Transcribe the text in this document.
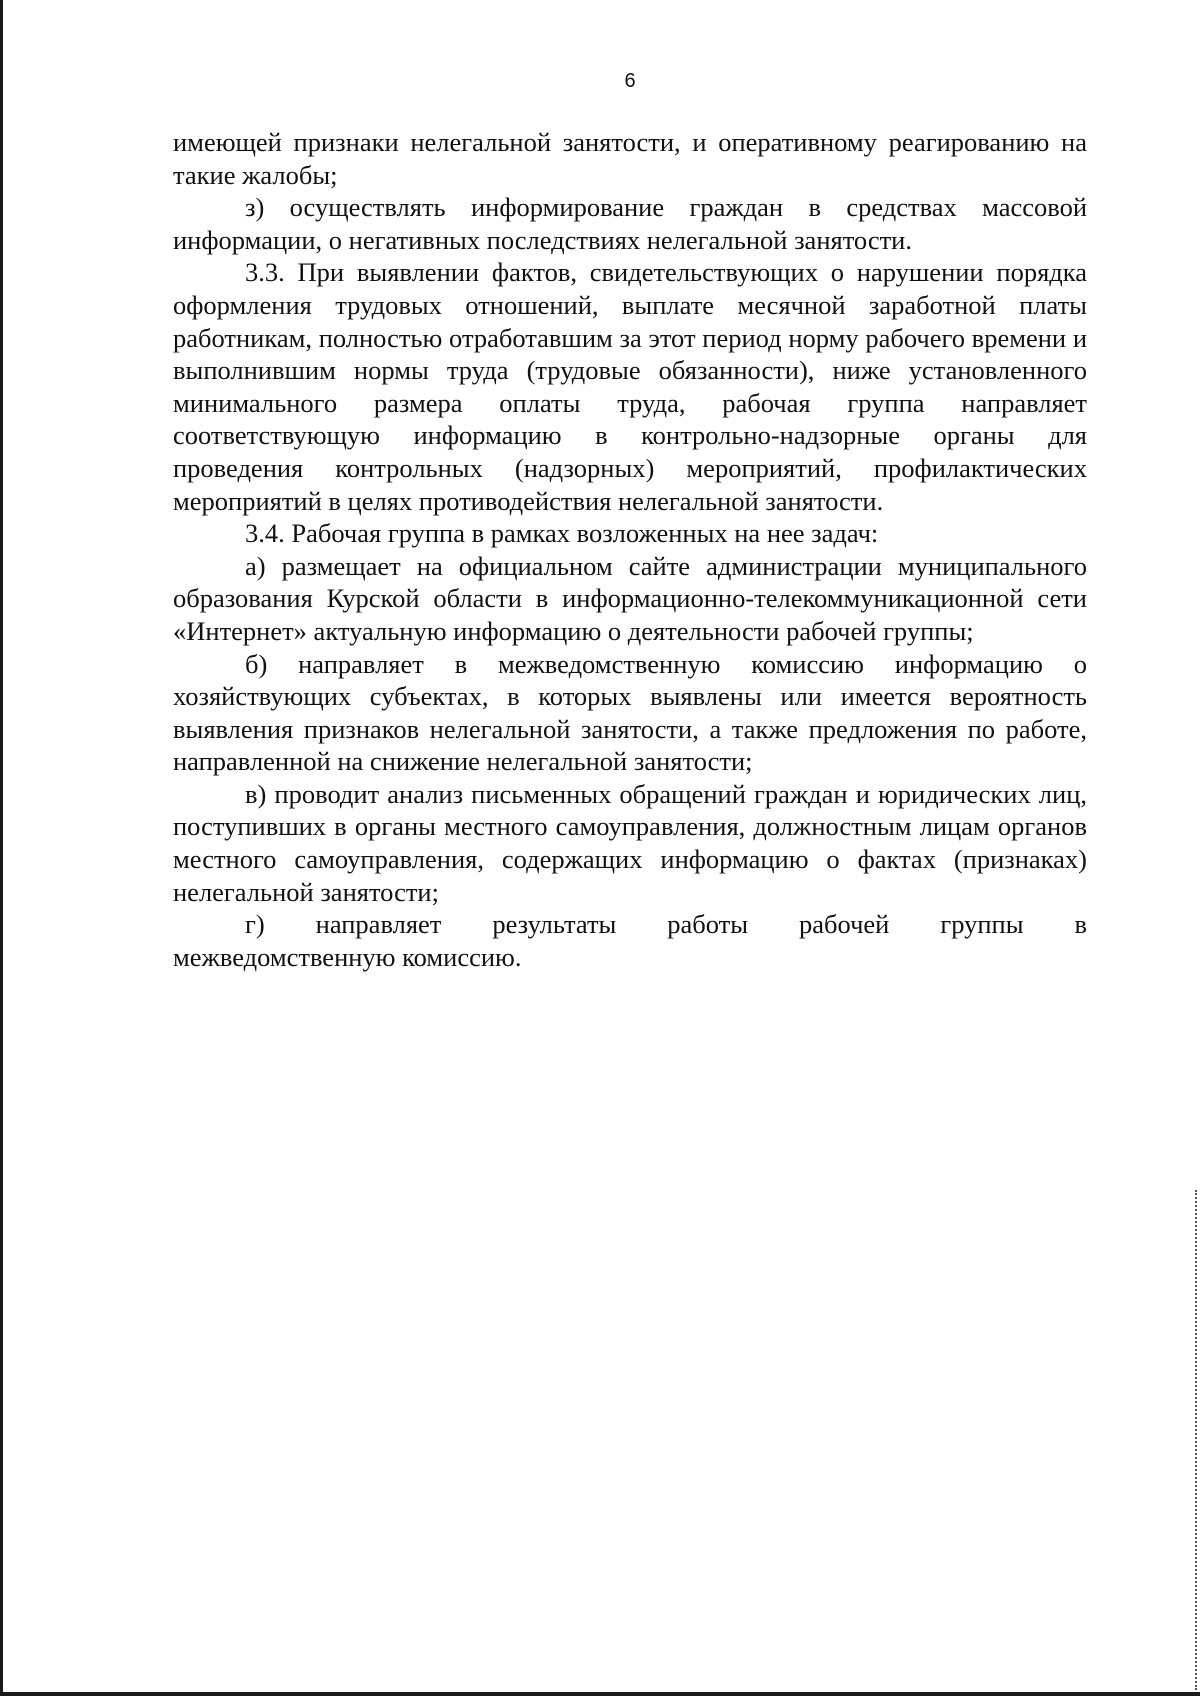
6

имеющей признаки нелегальной занятости, и оперативному реагированию на такие жалобы;

з) осуществлять информирование граждан в средствах массовой информации, о негативных последствиях нелегальной занятости.

3.3. При выявлении фактов, свидетельствующих о нарушении порядка оформления трудовых отношений, выплате месячной заработной платы работникам, полностью отработавшим за этот период норму рабочего времени и выполнившим нормы труда (трудовые обязанности), ниже установленного минимального размера оплаты труда, рабочая группа направляет соответствующую информацию в контрольно-надзорные органы для проведения контрольных (надзорных) мероприятий, профилактических мероприятий в целях противодействия нелегальной занятости.

3.4. Рабочая группа в рамках возложенных на нее задач:

а) размещает на официальном сайте администрации муниципального образования Курской области в информационно-телекоммуникационной сети «Интернет» актуальную информацию о деятельности рабочей группы;

б) направляет в межведомственную комиссию информацию о хозяйствующих субъектах, в которых выявлены или имеется вероятность выявления признаков нелегальной занятости, а также предложения по работе, направленной на снижение нелегальной занятости;

в) проводит анализ письменных обращений граждан и юридических лиц, поступивших в органы местного самоуправления, должностным лицам органов местного самоуправления, содержащих информацию о фактах (признаках) нелегальной занятости;

г) направляет результаты работы рабочей группы в

межведомственную комиссию.
